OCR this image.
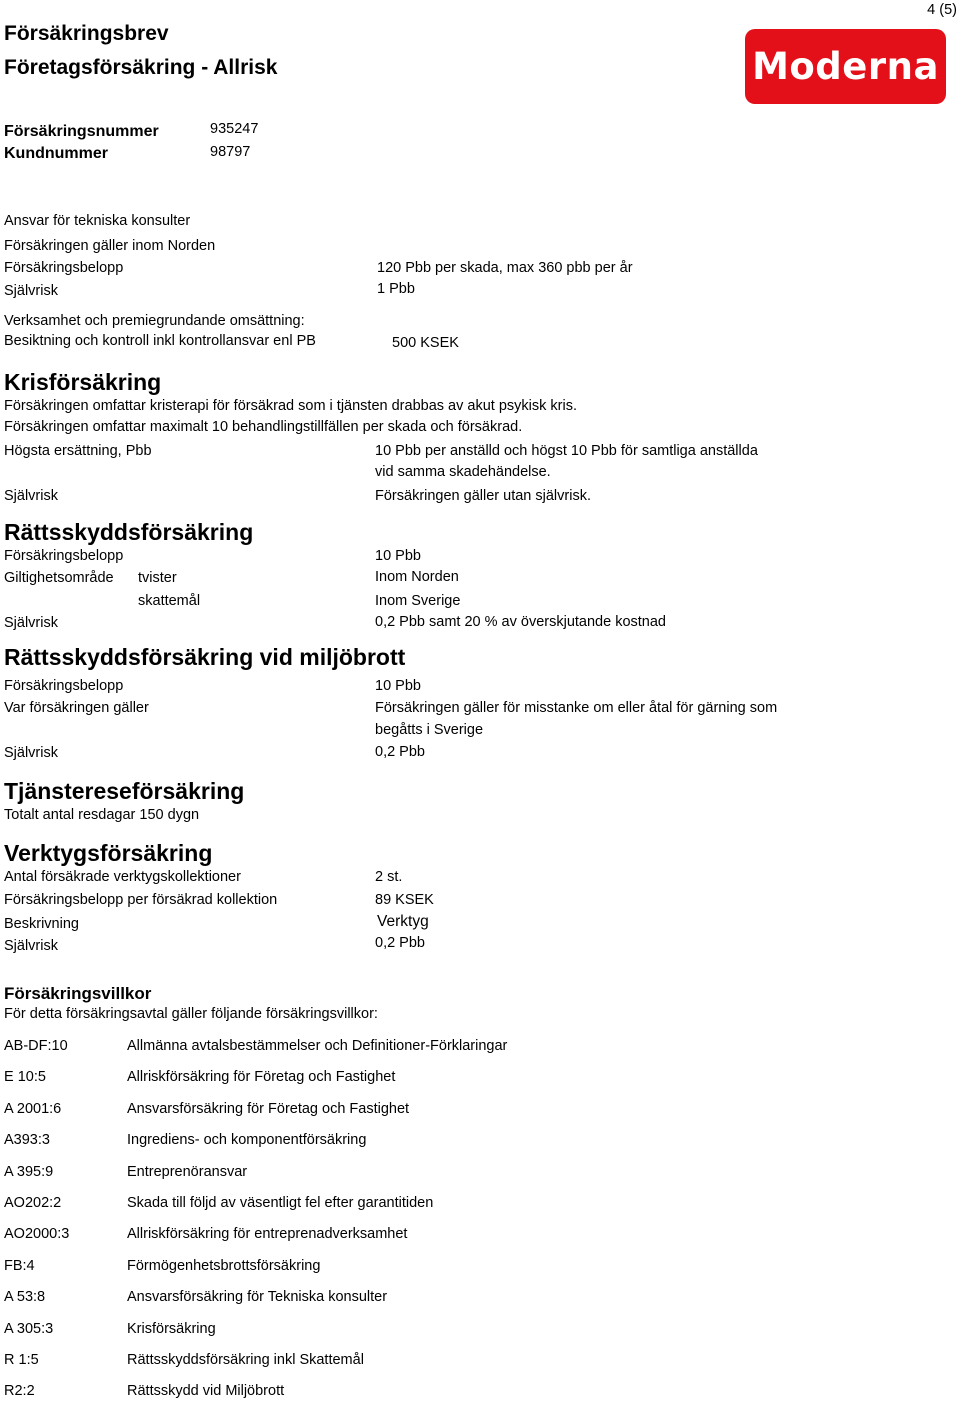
4 (5)
Försäkringsbrev
Företagsförsäkring - Allrisk	Moderna
Försäkringsnummer	935247
Kundnummer	98797
Ansvar för tekniska konsulter
Försäkringen gäller inom Norden
Försäkringsbelopp	120 Pbb per skada, max 360 pbb per år
Självrisk	1 Pbb
Verksamhet och premiegrundande omsättning:
Besiktning och kontroll inkl kontrollansvar enl PB	500 KSEK
Krisförsäkring
Försäkringen omfattar kristerapi för försäkrad som i tjänsten drabbas av akut psykisk kris.
Försäkringen omfattar maximalt 10 behandlingstillfällen per skada och försäkrad.
Högsta ersättning, Pbb	10 Pbb per anställd och högst 10 Pbb för samtliga anställda
vid samma skadehändelse.
Självrisk	Försäkringen gäller utan självrisk.
Rättsskyddsförsäkring
Försäkringsbelopp	10 Pbb
Giltighetsområde tvister	Inom Norden
skattemål	Inom Sverige
Självrisk	0,2 Pbb samt 20 % av överskjutande kostnad
Rättsskyddsförsäkring vid miljöbrott
Försäkringsbelopp	10 Pbb
Var försäkringen gäller	Försäkringen gäller för misstanke om eller åtal för gärning som
begåtts i Sverige
Självrisk	0,2 Pbb
Tjänstereseförsäkring
Totalt antal resdagar 150 dygn
Verktygsförsäkring
Antal försäkrade verktygskollektioner	2 st.
Försäkringsbelopp per försäkrad kollektion	89 KSEK
Beskrivning	Verktyg
Självrisk	0,2 Pbb
Försäkringsvillkor
För detta försäkringsavtal gäller följande försäkringsvillkor:
AB-DF:10	Allmänna avtalsbestämmelser och Definitioner-Förklaringar
E 10:5	Allriskförsäkring för Företag och Fastighet
A 2001:6	Ansvarsförsäkring för Företag och Fastighet
A393:3	Ingrediens- och komponentförsäkring
A 395:9	Entreprenöransvar
AO202:2	Skada till följd av väsentligt fel efter garantitiden
AO2000:3	Allriskförsäkring för entreprenadverksamhet
FB:4	Förmögenhetsbrottsförsäkring
A 53:8	Ansvarsförsäkring för Tekniska konsulter
A 305:3	Krisförsäkring
R 1:5	Rättsskyddsförsäkring inkl Skattemål
R2:2	Rättsskydd vid Miljöbrott
